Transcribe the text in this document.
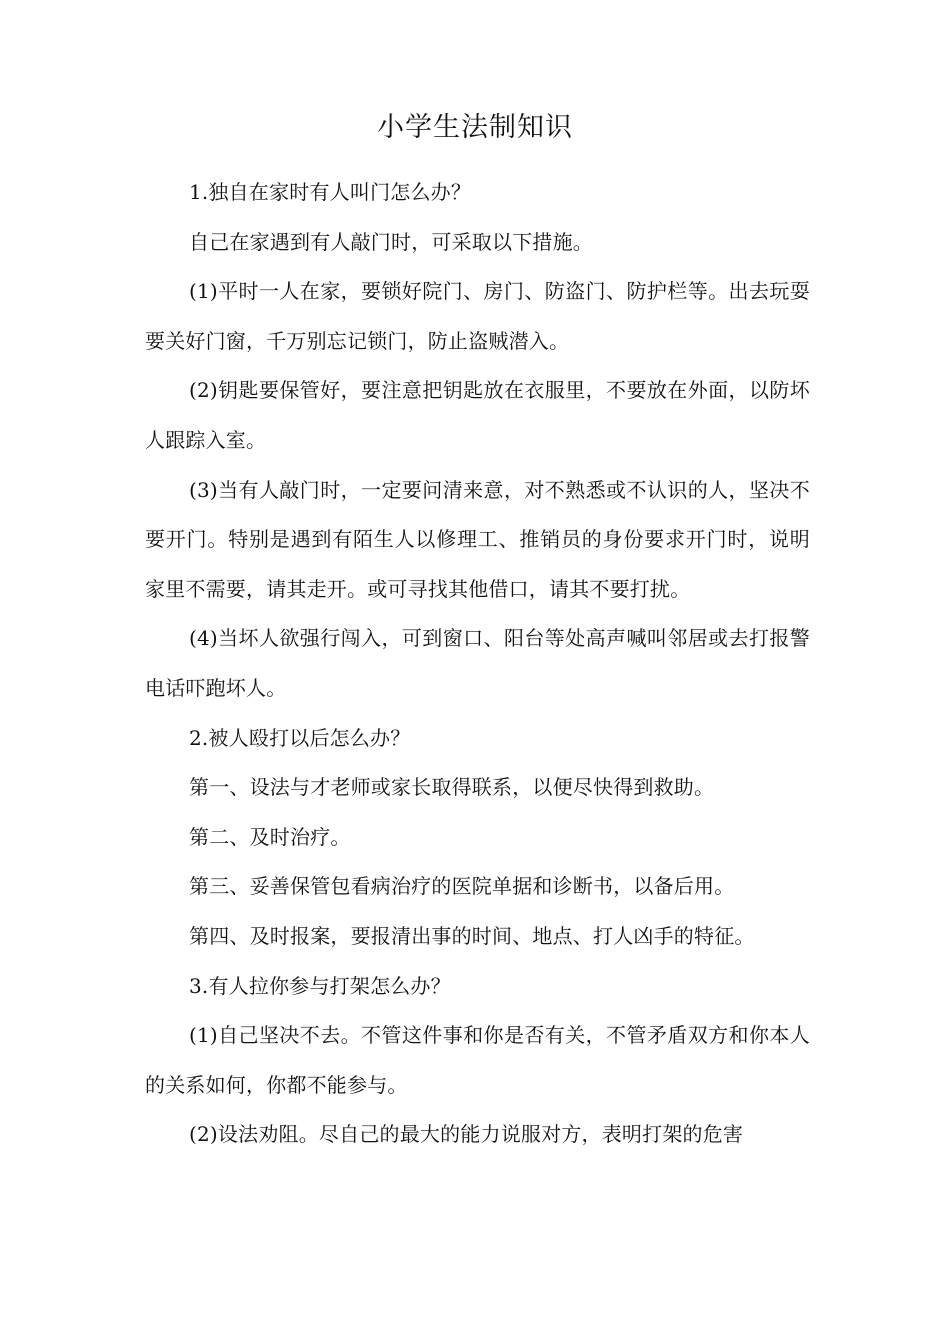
小学生法制知识

1.独自在家时有人叫门怎么办？

自己在家遇到有人敲门时，可采取以下措施。

(1)平时一人在家，要锁好院门、房门、防盗门、防护栏等。出去玩耍要关好门窗，千万别忘记锁门，防止盗贼潜入。

(2)钥匙要保管好，要注意把钥匙放在衣服里，不要放在外面，以防坏人跟踪入室。

(3)当有人敲门时，一定要问清来意，对不熟悉或不认识的人，坚决不要开门。特别是遇到有陌生人以修理工、推销员的身份要求开门时，说明家里不需要，请其走开。或可寻找其他借口，请其不要打扰。

(4)当坏人欲强行闯入，可到窗口、阳台等处高声喊叫邻居或去打报警电话吓跑坏人。

2.被人殴打以后怎么办？

第一、设法与才老师或家长取得联系，以便尽快得到救助。

第二、及时治疗。

第三、妥善保管包看病治疗的医院单据和诊断书，以备后用。

第四、及时报案，要报清出事的时间、地点、打人凶手的特征。

3.有人拉你参与打架怎么办？

(1)自己坚决不去。不管这件事和你是否有关，不管矛盾双方和你本人的关系如何，你都不能参与。

(2)设法劝阻。尽自己的最大的能力说服对方，表明打架的危害
